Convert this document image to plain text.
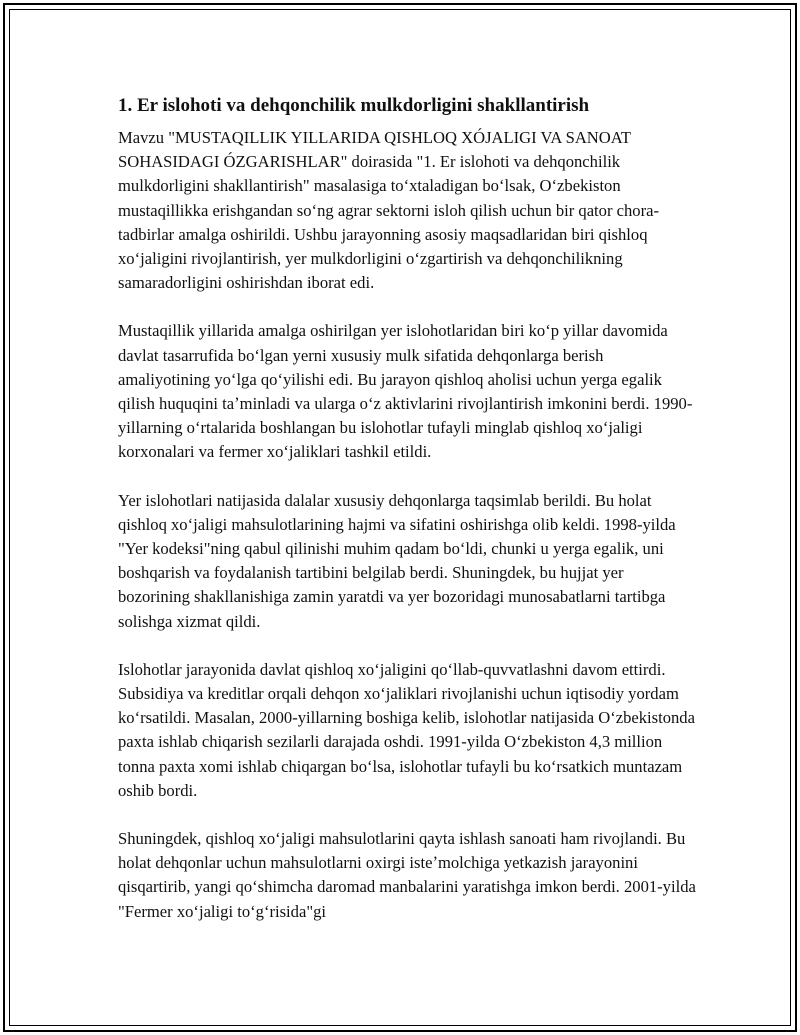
1. Er islohoti va dehqonchilik mulkdorligini shakllantirish

Mavzu "MUSTAQILLIK YILLARIDA QISHLOQ XÓJALIGI VA SANOAT SOHASIDAGI ÓZGARISHLAR" doirasida "1. Er islohoti va dehqonchilik mulkdorligini shakllantirish" masalasiga toʻxtaladigan boʻlsak, Oʻzbekiston mustaqillikka erishgandan soʻng agrar sektorni isloh qilish uchun bir qator chora-tadbirlar amalga oshirildi. Ushbu jarayonning asosiy maqsadlaridan biri qishloq xoʻjaligini rivojlantirish, yer mulkdorligini oʻzgartirish va dehqonchilikning samaradorligini oshirishdan iborat edi.

Mustaqillik yillarida amalga oshirilgan yer islohotlaridan biri koʻp yillar davomida davlat tasarrufida boʻlgan yerni xususiy mulk sifatida dehqonlarga berish amaliyotining yoʻlga qoʻyilishi edi. Bu jarayon qishloq aholisi uchun yerga egalik qilish huquqini taʼminladi va ularga oʻz aktivlarini rivojlantirish imkonini berdi. 1990-yillarning oʻrtalarida boshlangan bu islohotlar tufayli minglab qishloq xoʻjaligi korxonalari va fermer xoʻjaliklari tashkil etildi.

Yer islohotlari natijasida dalalar xususiy dehqonlarga taqsimlab berildi. Bu holat qishloq xoʻjaligi mahsulotlarining hajmi va sifatini oshirishga olib keldi. 1998-yilda "Yer kodeksi"ning qabul qilinishi muhim qadam boʻldi, chunki u yerga egalik, uni boshqarish va foydalanish tartibini belgilab berdi. Shuningdek, bu hujjat yer bozorining shakllanishiga zamin yaratdi va yer bozoridagi munosabatlarni tartibga solishga xizmat qildi.

Islohotlar jarayonida davlat qishloq xoʻjaligini qoʻllab-quvvatlashni davom ettirdi. Subsidiya va kreditlar orqali dehqon xoʻjaliklari rivojlanishi uchun iqtisodiy yordam koʻrsatildi. Masalan, 2000-yillarning boshiga kelib, islohotlar natijasida Oʻzbekistonda paxta ishlab chiqarish sezilarli darajada oshdi. 1991-yilda Oʻzbekiston 4,3 million tonna paxta xomi ishlab chiqargan boʻlsa, islohotlar tufayli bu koʻrsatkich muntazam oshib bordi.

Shuningdek, qishloq xoʻjaligi mahsulotlarini qayta ishlash sanoati ham rivojlandi. Bu holat dehqonlar uchun mahsulotlarni oxirgi isteʼmolchiga yetkazish jarayonini qisqartirib, yangi qoʻshimcha daromad manbalarini yaratishga imkon berdi. 2001-yilda "Fermer xoʻjaligi toʻgʻrisida"gi
